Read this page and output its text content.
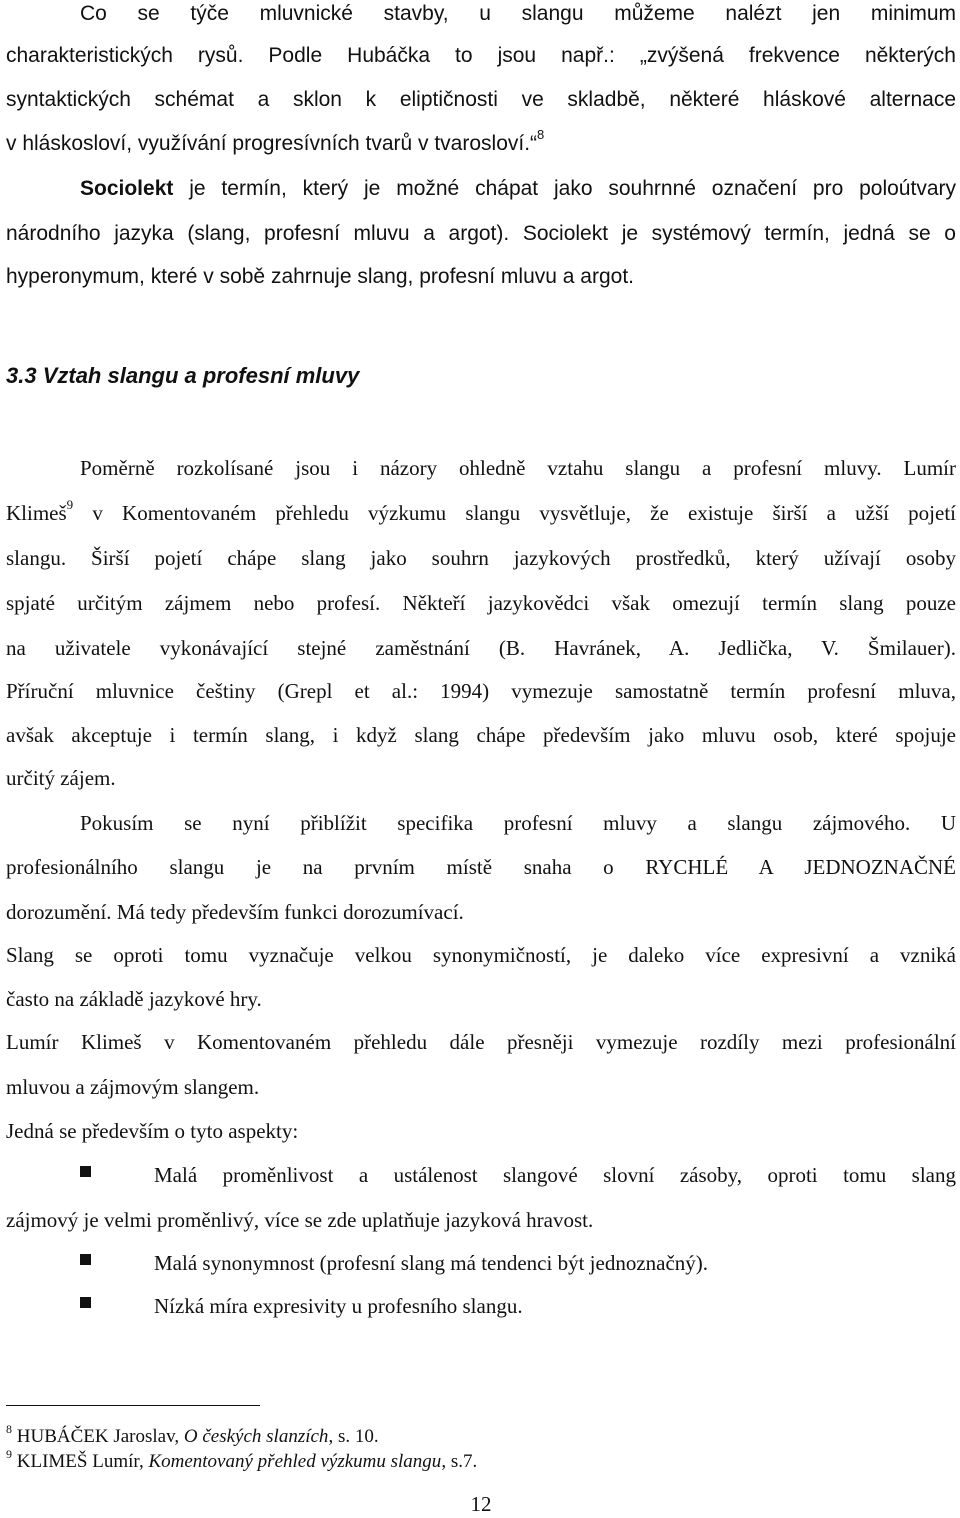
Co se týče mluvnické stavby, u slangu můžeme nalézt jen minimum
charakteristických rysů. Podle Hubáčka to jsou např.: „zvýšená frekvence některých
syntaktických schémat a sklon k eliptičnosti ve skladbě, některé hláskové alternace
v hláskosloví, využívání progresívních tvarů v tvarosloví.“$^8$
Sociolekt je termín, který je možné chápat jako souhrnné označení pro poloútvary
národního jazyka (slang, profesní mluvu a argot). Sociolekt je systémový termín, jedná se o
hyperonymum, které v sobě zahrnuje slang, profesní mluvu a argot.
3.3 Vztah slangu a profesní mluvy
Poměrně rozkolísané jsou i názory ohledně vztahu slangu a profesní mluvy. Lumír
Klimeš$^9$ v Komentovaném přehledu výzkumu slangu vysvětluje, že existuje širší a užší pojetí
slangu. Širší pojetí chápe slang jako souhrn jazykových prostředků, který užívají osoby
spjaté určitým zájmem nebo profesí. Někteří jazykovědci však omezují termín slang pouze
na uživatele vykonávající stejné zaměstnání (B. Havránek, A. Jedlička, V. Šmilauer).
Příruční mluvnice češtiny (Grepl et al.: 1994) vymezuje samostatně termín profesní mluva,
avšak akceptuje i termín slang, i když slang chápe především jako mluvu osob, které spojuje
určitý zájem.
Pokusím se nyní přiblížit specifika profesní mluvy a slangu zájmového. U
profesionálního slangu je na prvním místě snaha o RYCHLÉ A JEDNOZNAČNÉ
dorozumění. Má tedy především funkci dorozumívací.
Slang se oproti tomu vyznačuje velkou synonymičností, je daleko více expresivní a vzniká
často na základě jazykové hry.
Lumír Klimeš v Komentovaném přehledu dále přesněji vymezuje rozdíly mezi profesionální
mluvou a zájmovým slangem.
Jedná se především o tyto aspekty:
Malá proměnlivost a ustálenost slangové slovní zásoby, oproti tomu slang
zájmový je velmi proměnlivý, více se zde uplatňuje jazyková hravost.
Malá synonymnost (profesní slang má tendenci být jednoznačný).
Nízká míra expresivity u profesního slangu.
$^8$ HUBÁČEK Jaroslav, O českých slanzích, s. 10.
$^9$ KLIMEŠ Lumír, Komentovaný přehled výzkumu slangu, s.7.
12
